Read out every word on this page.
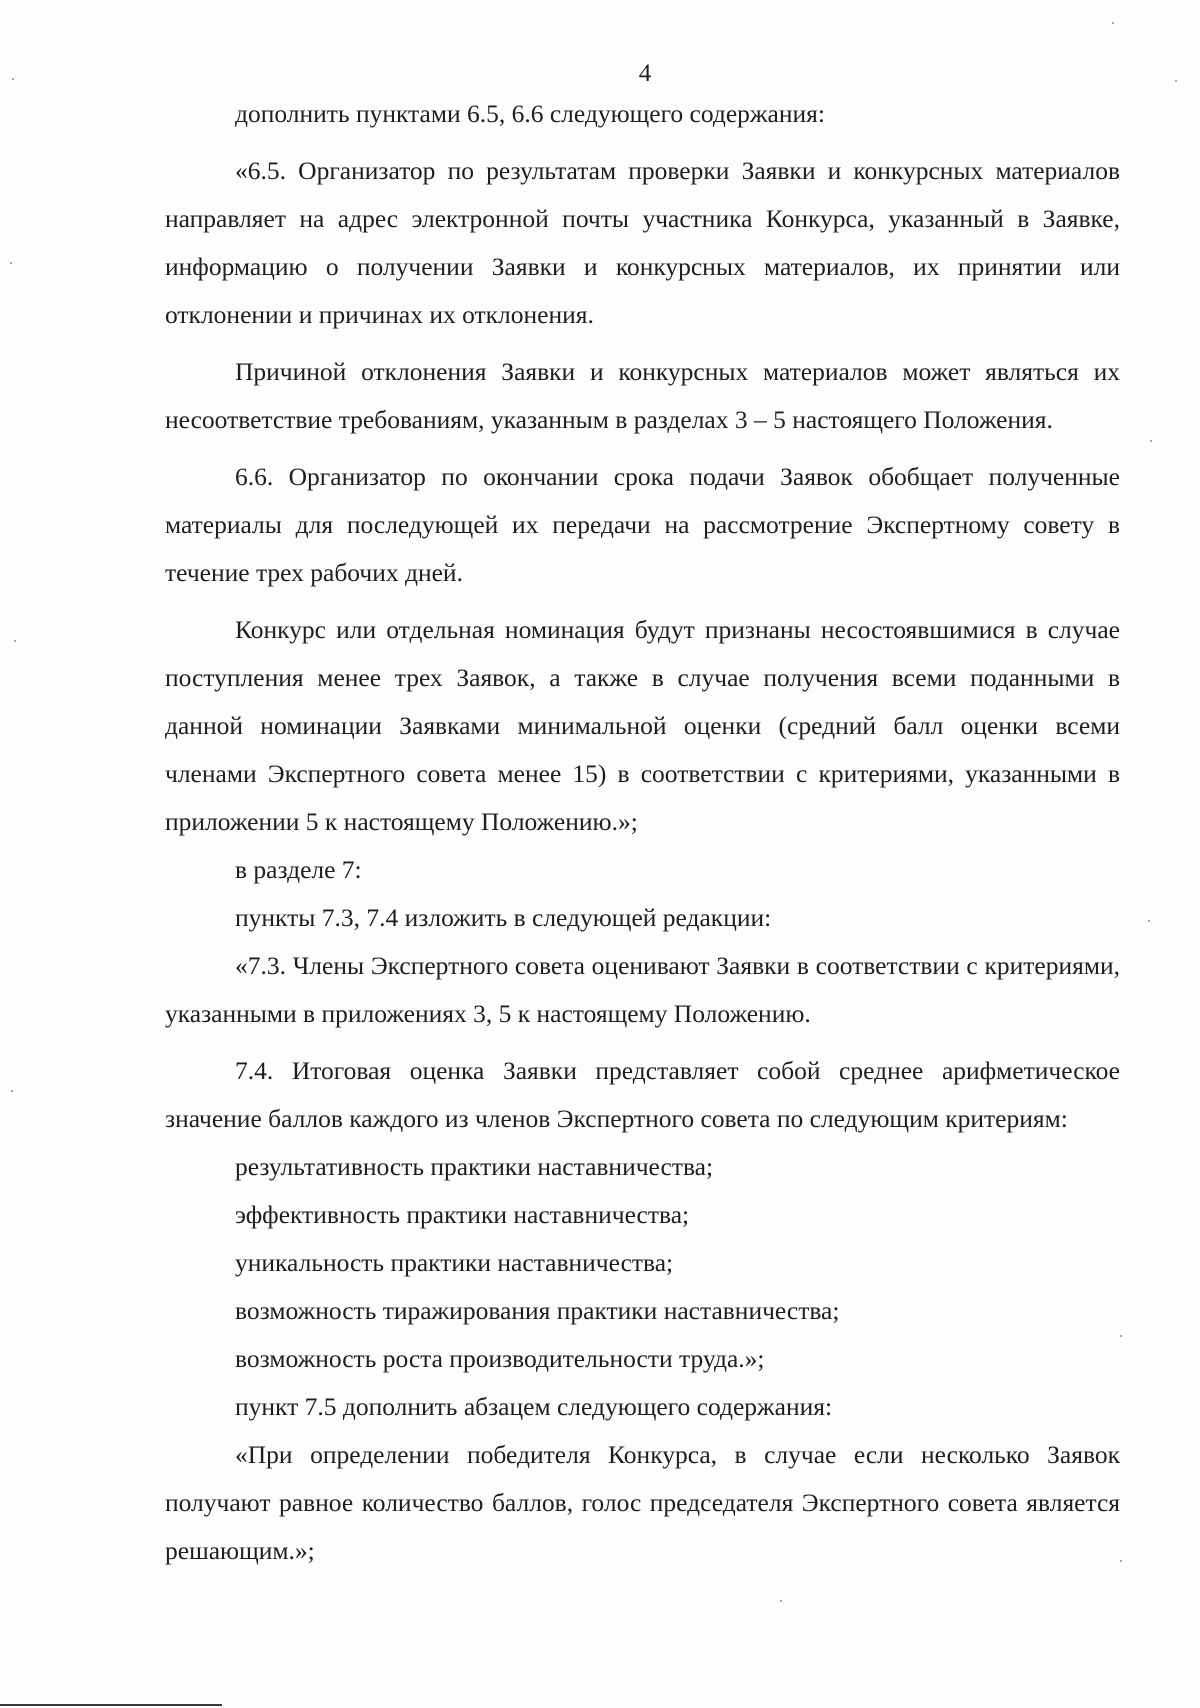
4

дополнить пунктами 6.5, 6.6 следующего содержания:

«6.5. Организатор по результатам проверки Заявки и конкурсных материалов направляет на адрес электронной почты участника Конкурса, указанный в Заявке, информацию о получении Заявки и конкурсных материалов, их принятии или отклонении и причинах их отклонения.

Причиной отклонения Заявки и конкурсных материалов может являться их несоответствие требованиям, указанным в разделах 3 – 5 настоящего Положения.

6.6. Организатор по окончании срока подачи Заявок обобщает полученные материалы для последующей их передачи на рассмотрение Экспертному совету в течение трех рабочих дней.

Конкурс или отдельная номинация будут признаны несостоявшимися в случае поступления менее трех Заявок, а также в случае получения всеми поданными в данной номинации Заявками минимальной оценки (средний балл оценки всеми членами Экспертного совета менее 15) в соответствии с критериями, указанными в приложении 5 к настоящему Положению.»;

в разделе 7:

пункты 7.3, 7.4 изложить в следующей редакции:

«7.3. Члены Экспертного совета оценивают Заявки в соответствии с критериями, указанными в приложениях 3, 5 к настоящему Положению.

7.4. Итоговая оценка Заявки представляет собой среднее арифметическое значение баллов каждого из членов Экспертного совета по следующим критериям:

результативность практики наставничества;

эффективность практики наставничества;

уникальность практики наставничества;

возможность тиражирования практики наставничества;

возможность роста производительности труда.»;

пункт 7.5 дополнить абзацем следующего содержания:

«При определении победителя Конкурса, в случае если несколько Заявок получают равное количество баллов, голос председателя Экспертного совета является решающим.»;
